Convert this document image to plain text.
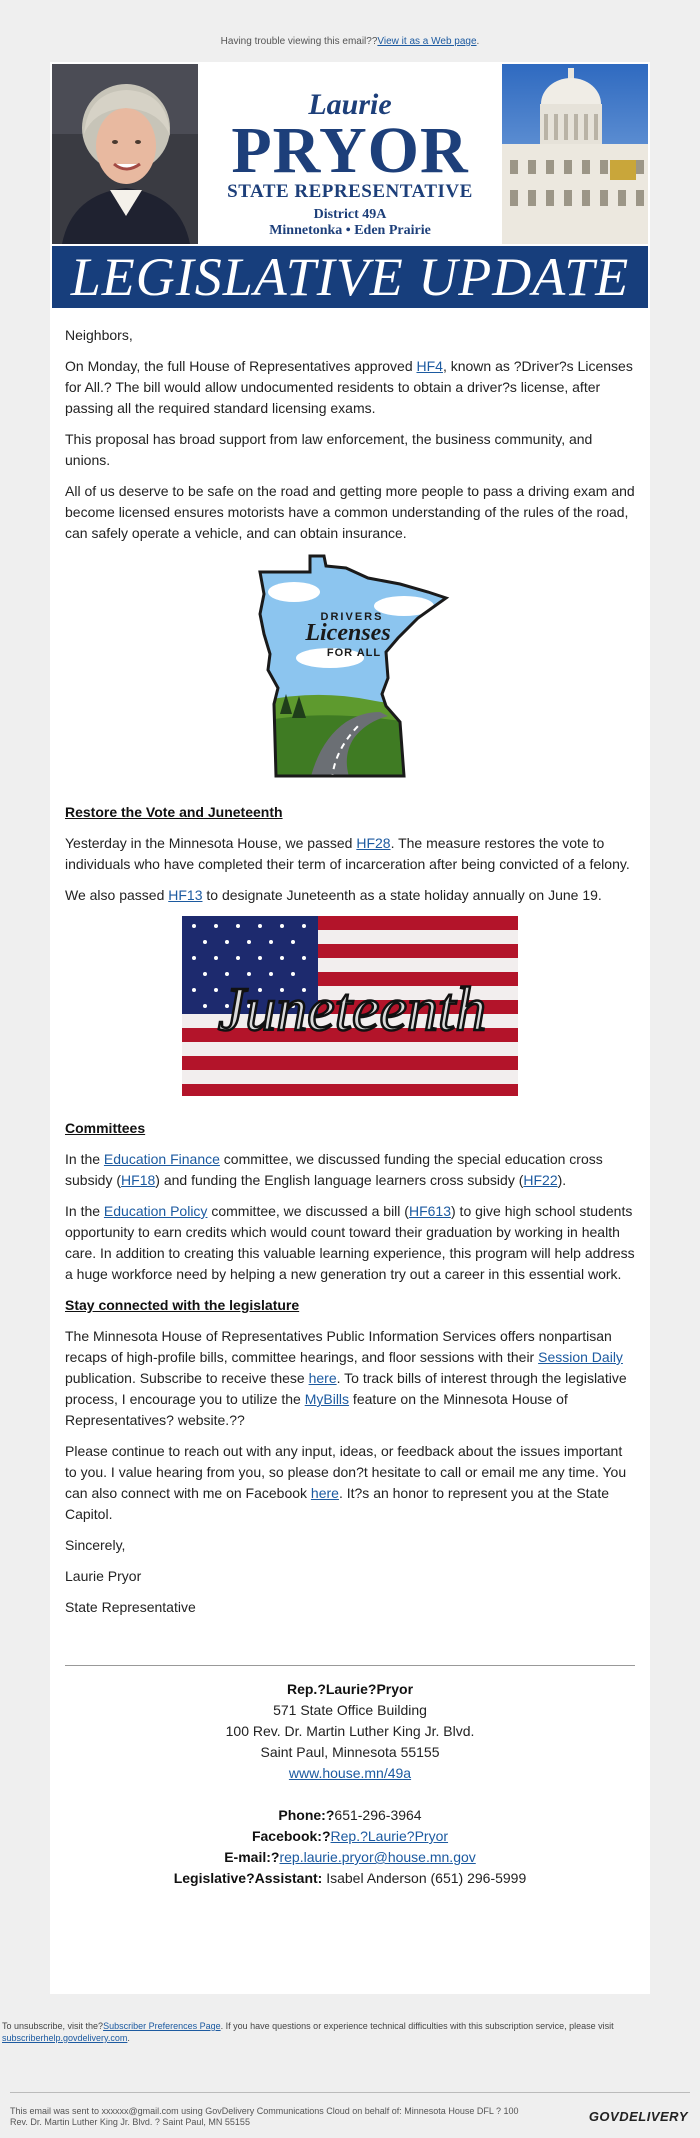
Having trouble viewing this email??View it as a Web page.
Laurie
PRYOR
STATE REPRESENTATIVE
District 49A
Minnetonka • Eden Prairie
LEGISLATIVE UPDATE

Neighbors,

On Monday, the full House of Representatives approved HF4, known as ?Driver?s Licenses for All.? The bill would allow undocumented residents to obtain a driver?s license, after passing all the required standard licensing exams.

This proposal has broad support from law enforcement, the business community, and unions.

All of us deserve to be safe on the road and getting more people to pass a driving exam and become licensed ensures motorists have a common understanding of the rules of the road, can safely operate a vehicle, and can obtain insurance.

DRIVERS
Licenses
FOR ALL

Restore the Vote and Juneteenth

Yesterday in the Minnesota House, we passed HF28. The measure restores the vote to individuals who have completed their term of incarceration after being convicted of a felony.

We also passed HF13 to designate Juneteenth as a state holiday annually on June 19.

Juneteenth

Committees

In the Education Finance committee, we discussed funding the special education cross subsidy (HF18) and funding the English language learners cross subsidy (HF22).

In the Education Policy committee, we discussed a bill (HF613) to give high school students opportunity to earn credits which would count toward their graduation by working in health care. In addition to creating this valuable learning experience, this program will help address a huge workforce need by helping a new generation try out a career in this essential work.

Stay connected with the legislature

The Minnesota House of Representatives Public Information Services offers nonpartisan recaps of high-profile bills, committee hearings, and floor sessions with their Session Daily publication. Subscribe to receive these here. To track bills of interest through the legislative process, I encourage you to utilize the MyBills feature on the Minnesota House of Representatives? website.??

Please continue to reach out with any input, ideas, or feedback about the issues important to you. I value hearing from you, so please don?t hesitate to call or email me any time. You can also connect with me on Facebook here. It?s an honor to represent you at the State Capitol.

Sincerely,

Laurie Pryor

State Representative

Rep.?Laurie?Pryor
571 State Office Building
100 Rev. Dr. Martin Luther King Jr. Blvd.
Saint Paul, Minnesota 55155
www.house.mn/49a
Phone:?651-296-3964
Facebook:?Rep.?Laurie?Pryor
E-mail:?rep.laurie.pryor@house.mn.gov
Legislative?Assistant: Isabel Anderson (651) 296-5999
To unsubscribe, visit the?Subscriber Preferences Page. If you have questions or experience technical difficulties with this subscription service, please visit subscriberhelp.govdelivery.com.
This email was sent to xxxxxx@gmail.com using GovDelivery Communications Cloud on behalf of: Minnesota House DFL ? 100
Rev. Dr. Martin Luther King Jr. Blvd. ? Saint Paul, MN 55155	GOVDELIVERY
